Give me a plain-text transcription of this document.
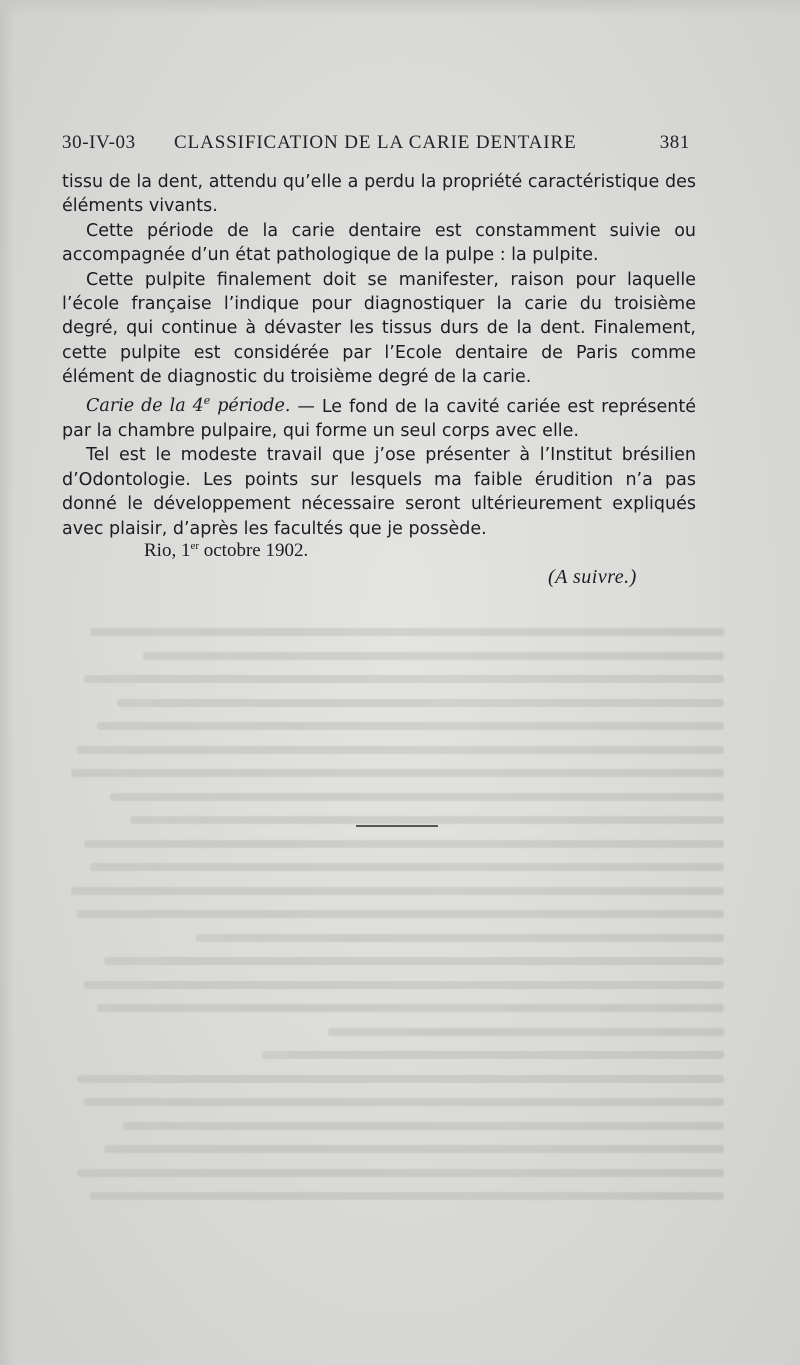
30-IV-03 CLASSIFICATION DE LA CARIE DENTAIRE	381

tissu de la dent, attendu qu’elle a perdu la propriété caractéristique des éléments vivants.

Cette période de la carie dentaire est constamment suivie ou accompagnée d’un état pathologique de la pulpe : la pulpite.

Cette pulpite finalement doit se manifester, raison pour laquelle l’école française l’indique pour diagnostiquer la carie du troisième degré, qui continue à dévaster les tissus durs de la dent. Finalement, cette pulpite est considérée par l’Ecole dentaire de Paris comme élément de diagnostic du troisième degré de la carie.

Carie de la 4e période. — Le fond de la cavité cariée est représenté par la chambre pulpaire, qui forme un seul corps avec elle.

Tel est le modeste travail que j’ose présenter à l’Institut brésilien d’Odontologie. Les points sur lesquels ma faible érudition n’a pas donné le développement nécessaire seront ultérieurement expliqués avec plaisir, d’après les facultés que je possède.

Rio, 1er octobre 1902.
(A suivre.)
